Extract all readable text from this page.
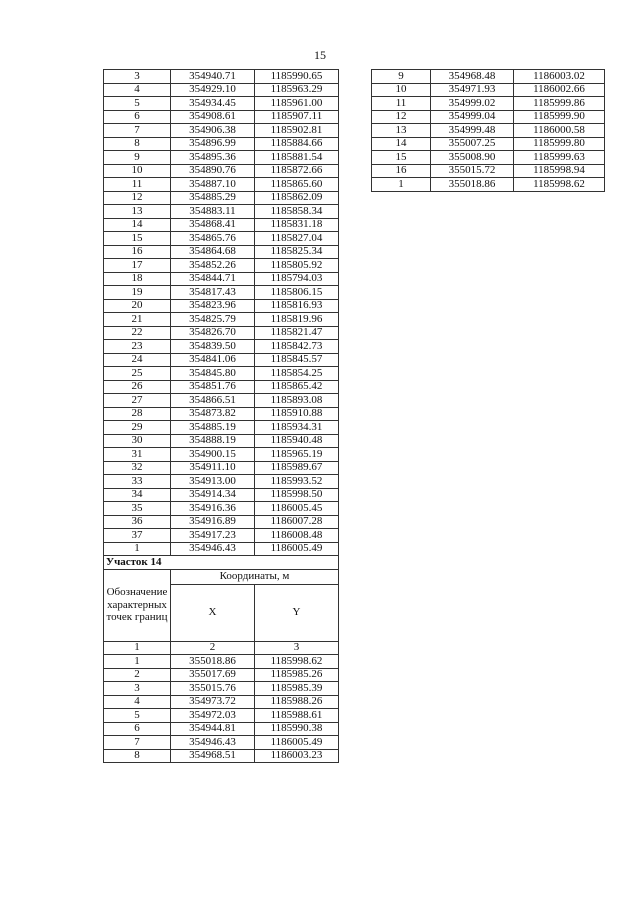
15
3	354940.71	1185990.65
4	354929.10	1185963.29
5	354934.45	1185961.00
6	354908.61	1185907.11
7	354906.38	1185902.81
8	354896.99	1185884.66
9	354895.36	1185881.54
10	354890.76	1185872.66
11	354887.10	1185865.60
12	354885.29	1185862.09
13	354883.11	1185858.34
14	354868.41	1185831.18
15	354865.76	1185827.04
16	354864.68	1185825.34
17	354852.26	1185805.92
18	354844.71	1185794.03
19	354817.43	1185806.15
20	354823.96	1185816.93
21	354825.79	1185819.96
22	354826.70	1185821.47
23	354839.50	1185842.73
24	354841.06	1185845.57
25	354845.80	1185854.25
26	354851.76	1185865.42
27	354866.51	1185893.08
28	354873.82	1185910.88
29	354885.19	1185934.31
30	354888.19	1185940.48
31	354900.15	1185965.19
32	354911.10	1185989.67
33	354913.00	1185993.52
34	354914.34	1185998.50
35	354916.36	1186005.45
36	354916.89	1186007.28
37	354917.23	1186008.48
1	354946.43	1186005.49
Участок 14		
Обозначение характерных точек границ	Координаты, м	
	X	Y
1	2	3
1	355018.86	1185998.62
2	355017.69	1185985.26
3	355015.76	1185985.39
4	354973.72	1185988.26
5	354972.03	1185988.61
6	354944.81	1185990.38
7	354946.43	1186005.49
8	354968.51	1186003.23
9	354968.48	1186003.02
10	354971.93	1186002.66
11	354999.02	1185999.86
12	354999.04	1185999.90
13	354999.48	1186000.58
14	355007.25	1185999.80
15	355008.90	1185999.63
16	355015.72	1185998.94
1	355018.86	1185998.62
